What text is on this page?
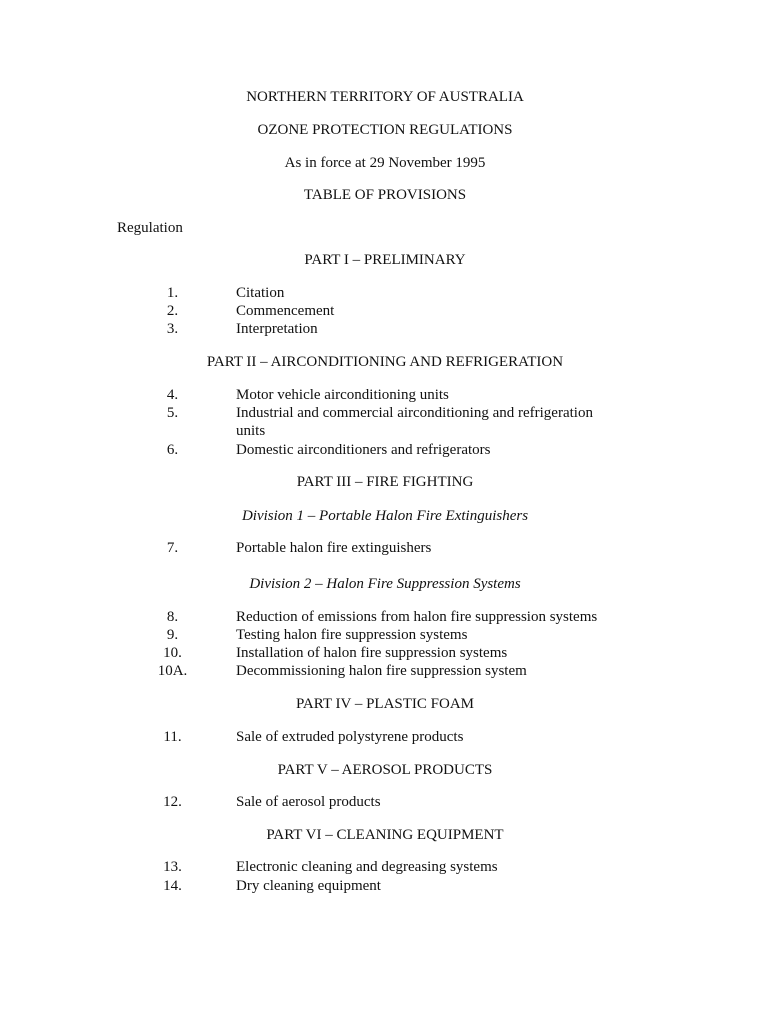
NORTHERN TERRITORY OF AUSTRALIA
OZONE PROTECTION REGULATIONS
As in force at 29 November 1995
TABLE OF PROVISIONS
Regulation
PART I – PRELIMINARY
1.	Citation
2.	Commencement
3.	Interpretation
PART II – AIRCONDITIONING AND REFRIGERATION
4.	Motor vehicle airconditioning units
5.	Industrial and commercial airconditioning and refrigeration
units
6.	Domestic airconditioners and refrigerators
PART III – FIRE FIGHTING
Division 1 – Portable Halon Fire Extinguishers
7.	Portable halon fire extinguishers
Division 2 – Halon Fire Suppression Systems
8.	Reduction of emissions from halon fire suppression systems
9.	Testing halon fire suppression systems
10.	Installation of halon fire suppression systems
10A.	Decommissioning halon fire suppression system
PART IV – PLASTIC FOAM
11.	Sale of extruded polystyrene products
PART V – AEROSOL PRODUCTS
12.	Sale of aerosol products
PART VI – CLEANING EQUIPMENT
13.	Electronic cleaning and degreasing systems
14.	Dry cleaning equipment
